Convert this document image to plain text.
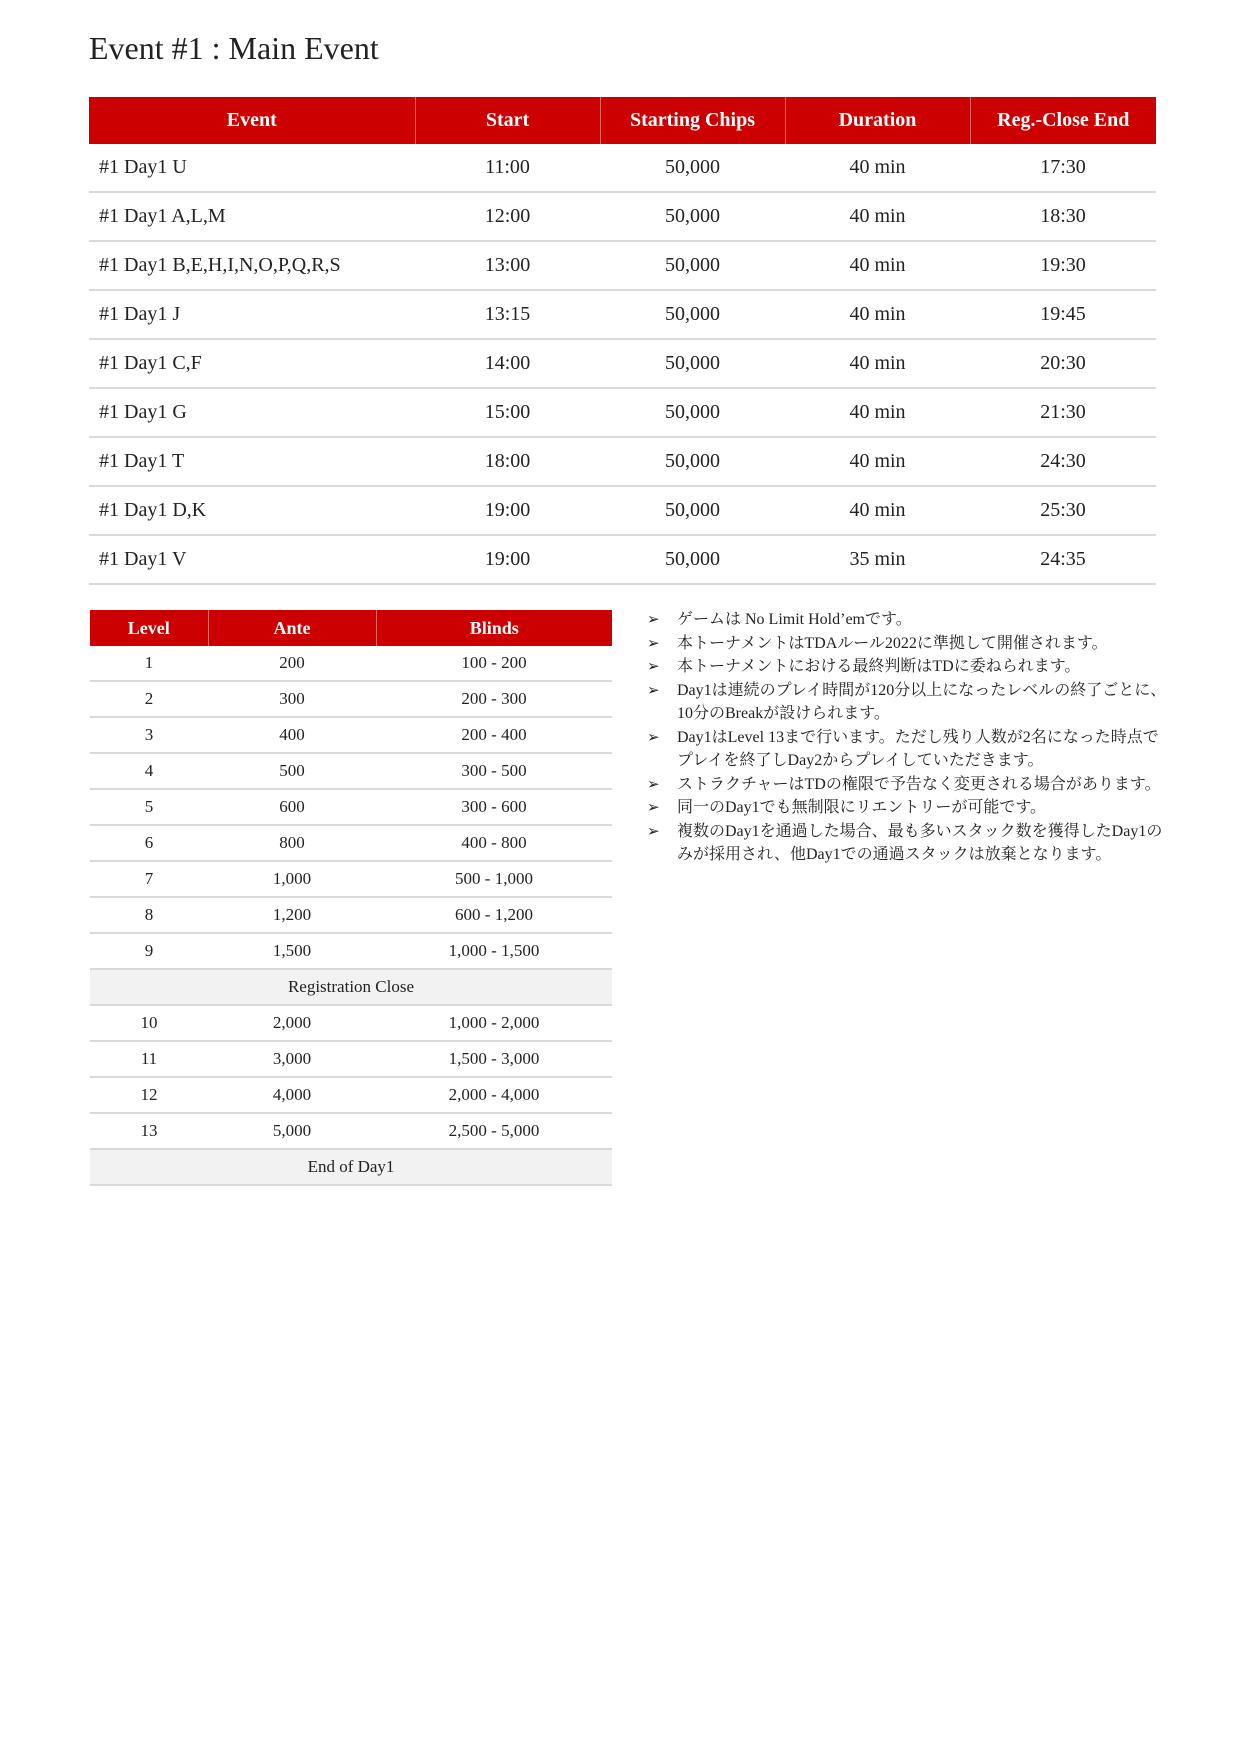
Event #1 : Main Event
Event	Start	Starting Chips	Duration	Reg.-Close End
#1 Day1 U	11:00	50,000	40 min	17:30
#1 Day1 A,L,M	12:00	50,000	40 min	18:30
#1 Day1 B,E,H,I,N,O,P,Q,R,S	13:00	50,000	40 min	19:30
#1 Day1 J	13:15	50,000	40 min	19:45
#1 Day1 C,F	14:00	50,000	40 min	20:30
#1 Day1 G	15:00	50,000	40 min	21:30
#1 Day1 T	18:00	50,000	40 min	24:30
#1 Day1 D,K	19:00	50,000	40 min	25:30
#1 Day1 V	19:00	50,000	35 min	24:35
Level	Ante	Blinds
1	200	100 - 200
2	300	200 - 300
3	400	200 - 400
4	500	300 - 500
5	600	300 - 600
6	800	400 - 800
7	1,000	500 - 1,000
8	1,200	600 - 1,200
9	1,500	1,000 - 1,500
Registration Close		
10	2,000	1,000 - 2,000
11	3,000	1,500 - 3,000
12	4,000	2,000 - 4,000
13	5,000	2,500 - 5,000
End of Day1		
➢ ゲームは No Limit Hold’emです。
➢ 本トーナメントはTDAルール2022に準拠して開催されます。
➢ 本トーナメントにおける最終判断はTDに委ねられます。
➢ Day1は連続のプレイ時間が120分以上になったレベルの終了ごとに、10分のBreakが設けられます。
➢ Day1はLevel 13まで行います。ただし残り人数が2名になった時点でプレイを終了しDay2からプレイしていただきます。
➢ ストラクチャーはTDの権限で予告なく変更される場合があります。
➢ 同一のDay1でも無制限にリエントリーが可能です。
➢ 複数のDay1を通過した場合、最も多いスタック数を獲得したDay1のみが採用され、他Day1での通過スタックは放棄となります。
